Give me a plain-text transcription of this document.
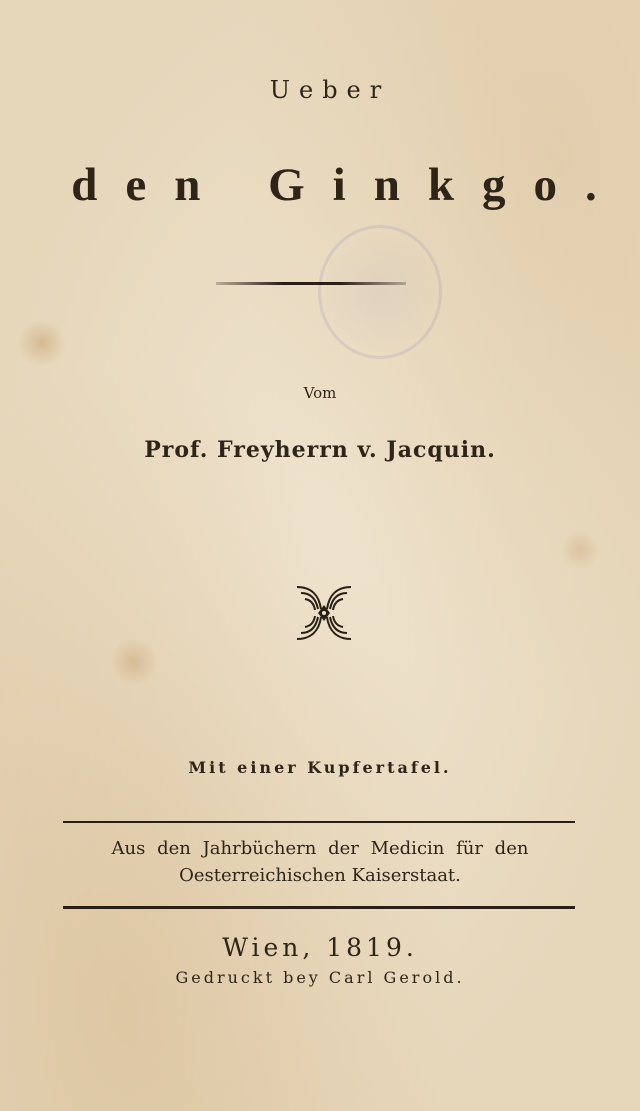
Ueber
den Ginkgo.
Vom
Prof. Freyherrn v. Jacquin.
Mit einer Kupfertafel.
Aus den Jahrbüchern der Medicin für den
Oesterreichischen Kaiserstaat.
Wien, 1819.
Gedruckt bey Carl Gerold.
